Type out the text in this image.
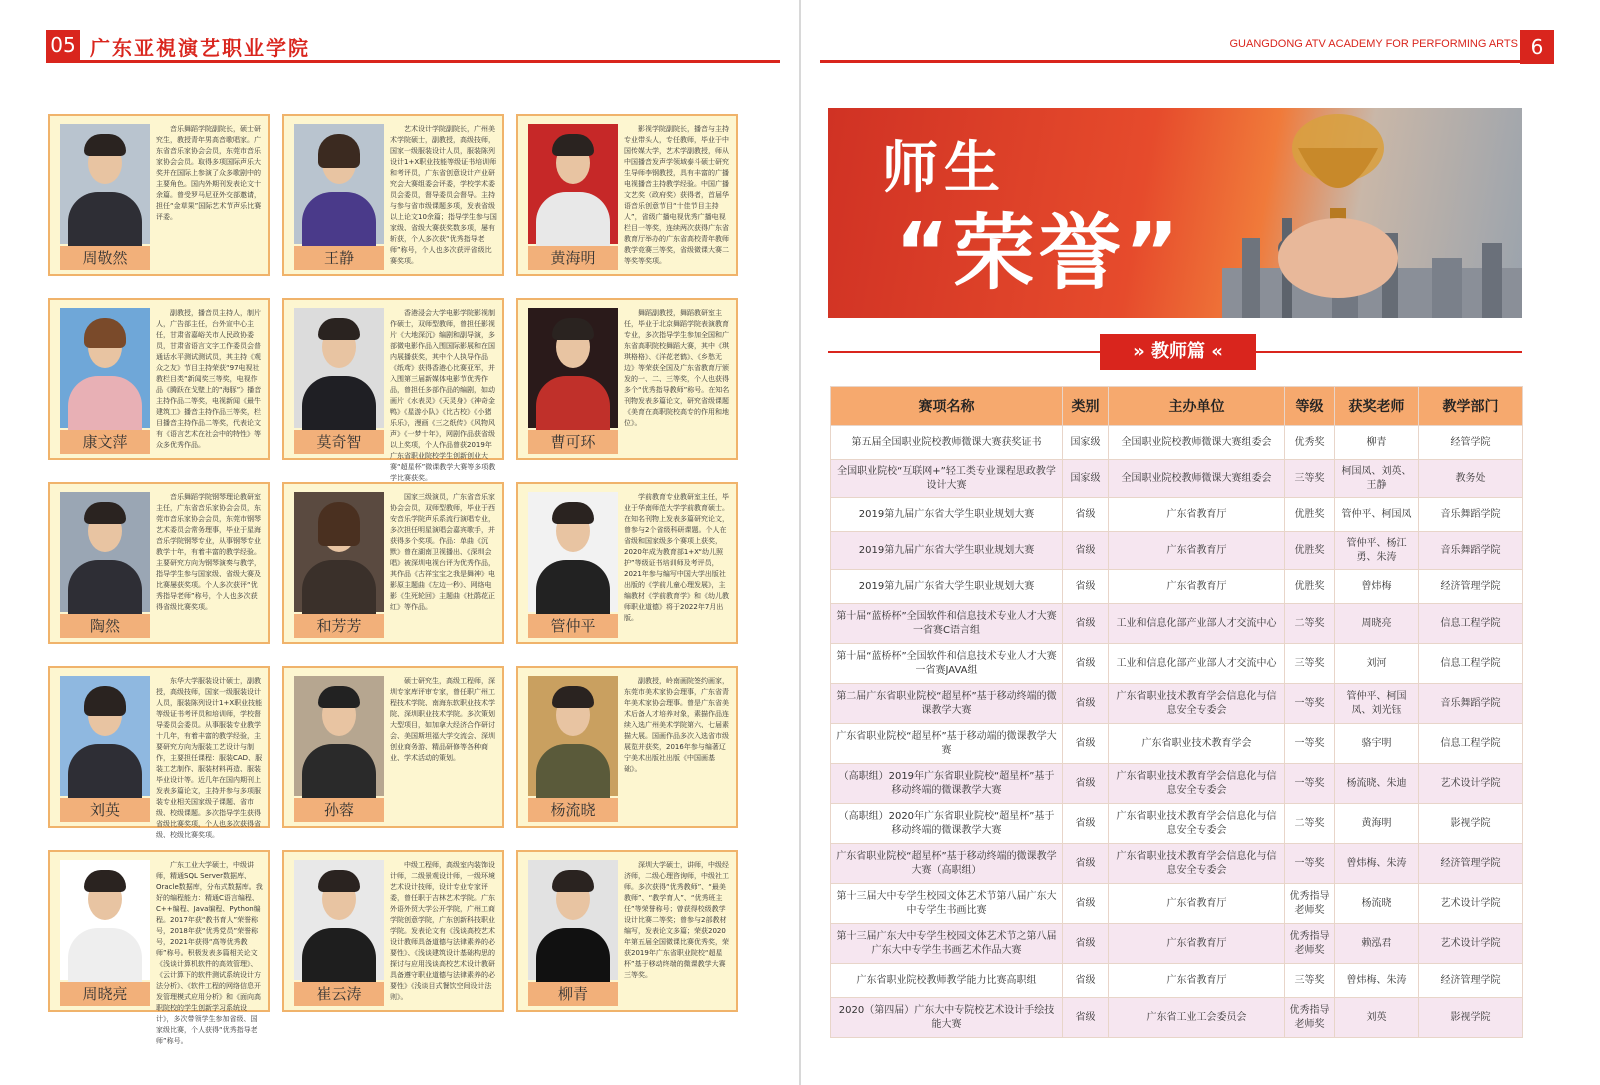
05 广东亚視演艺职业学院	GUANGDONG ATV ACADEMY FOR PERFORMING ARTS 6
周敬然
音乐舞蹈学院副院长，硕士研究生，教授青年男高音歌唱家。广东省音乐家协会会员，东莞市音乐家协会会员。取得多项国际声乐大奖并在国际上参演了众多歌剧中的主要角色。国内外期刊发表论文十余篇。曾受罗马尼亚外交部邀请，担任“金草果”国际艺术节声乐比赛评委。
王静
艺术设计学院副院长，广州美术学院硕士，副教授，高级技师，国家一级服装设计人员，服装陈列设计1+X职业技能等级证书培训师和考评员，广东省创意设计产业研究会大赛组委会评委，学校学术委员会委员，督导委员会督导。主持与参与省市级课题多项，发表省级以上论文10余篇；指导学生参与国家级、省级大赛获奖数多项，屡有斩获，个人多次获“优秀指导老师”称号，个人也多次获评省级比赛奖项。	黄海明
影视学院副院长，播音与主持专业带头人，专任教师，毕业于中国传媒大学，艺术学副教授，师从中国播音发声学领域泰斗硕士研究生导师李钢教授，具有丰富的广播电视播音主持教学经验。中国广播文艺奖（政府奖）获得者，首届华语音乐创意节目“十佳节目主持人”，省级广播电视优秀广播电视栏目一等奖，连续两次获得广东省教育厅举办的广东省高校青年教师教学竞赛三等奖，省级微课大赛二等奖等奖项。
康文萍
副教授，播音员主持人，制片人，广告部主任，台外宣中心主任，甘肃省嘉峪关市人民政协委员，甘肃省语言文字工作委员会普通话水平测试测试员，其主持《观众之友》节目主持荣获“97电视社教栏目类”新闻奖三等奖，电视作品《腾跃在戈壁上的“海豚”》播音主持作品二等奖，电视新闻《最牛建筑工》播音主持作品三等奖，栏目播音主持作品二等奖，代表论文有《语言艺术在社会中的特性》等众多优秀作品。	莫奇智
香港浸会大学电影学院影视制作硕士，双师型教师，曾担任影视片《大地深沉》编剧和副导演，多部微电影作品入围国际影展和在国内展播获奖，其中个人执导作品《纸鸢》获得香港心比赛亚军，并入围第三届新媒体电影节优秀作品，曾担任多部作品的编剧，如动画片《水表灵》《天灵身》《神奇金鸭》《星游小队》《比古校》《小猪乐乐》，漫画《三之纸传》《风物风声》《一梦十年》，网剧作品获省级以上奖项，个人作品曾获2019年广东省职业院校学生创新创业大赛“超星杯”微课教学大赛等多项教学比赛获奖。
曹可环
舞蹈副教授，舞蹈教研室主任，毕业于北京舞蹈学院表演教育专业，多次指导学生参加全国和广东省高职院校舞蹈大赛，其中《琪琪格格》、《洋花老鹤》、《乡愁无边》等荣获全国及广东省教育厅颁发的一、二、三等奖，个人也获得多个“优秀指导教师”称号。在知名刊物发表多篇论文，研究省级课题《美育在高职院校高专的作用和地位》。
陶然
音乐舞蹈学院钢琴理论教研室主任，广东省音乐家协会会员，东莞市音乐家协会会员，东莞市钢琴艺术委员会常务理事，毕业于星海音乐学院钢琴专业，从事钢琴专业教学十年，有着丰富的教学经验。主要研究方向为钢琴演奏与教学，指导学生参与国家级、省级大赛及比赛屡获奖项。个人多次获评“优秀指导老师”称号，个人也多次获得省级比赛奖项。
和芳芳
国家三级演员，广东省音乐家协会会员，双师型教师，毕业于西安音乐学院声乐系流行演唱专业，多次担任明星演唱会嘉宾歌手，并获得多个奖项。作品：单曲《沉默》曾在湖南卫视播出、《深圳会唱》被深圳电视台评为优秀作品，其作品《古祥宝宝之我是舞神》电影原主题曲《左边一秒》、网络电影《生死轮回》主题曲《杜鹃花正红》等作品。
管仲平
学前教育专业教研室主任，毕业于华南师范大学学前教育硕士。在知名刊物上发表多篇研究论文，曾参与2个省级科研课题。个人在省级和国家级多个赛项上获奖，2020年成为教育部1+X“幼儿照护”等级证书培训师及考评员，2021年参与编写中国大学出版社出版的《学前儿童心理发展》，主编教材《学前教育学》和《幼儿教师职业道德》将于2022年7月出版。
刘英
东华大学服装设计硕士，副教授，高级技师，国家一级服装设计人员，服装陈列设计1+X职业技能等级证书考评员和培训师，学校督导委员会委员。从事服装专业教学十几年，有着丰富的教学经验，主要研究方向为服装工艺设计与制作，主要担任课程：服装CAD、服装工艺制作、服装材料再造、服装毕业设计等。近几年在国内期刊上发表多篇论文，主持并参与多项服装专业相关国家级子课题、省市级、校级课题。多次指导学生获得省级比赛奖项，个人也多次获得省级、校级比赛奖项。
孙蓉
硕士研究生，高级工程师，深圳专家库评审专家，曾任职广州工程技术学院、南海东软职业技术学院、深圳职业技术学院。多次策划大型项目，如加拿大经济合作研讨会、美国斯坦福大学交流会、深圳创业商务游、精品研修等各种商业、学术活动的策划。
杨流晓
副教授，岭南画院签约画家，东莞市美术家协会理事，广东省青年美术家协会理事。曾是广东省美术后备人才培养对象，素描作品连续入选广州美术学院第六、七届素描大展。国画作品多次入选省市级展览并获奖，2016年参与编著辽宁美术出版社出版《中国画基础》。
周晓亮
广东工业大学硕士，中级讲师，精通SQL Server数据库、Oracle数据库，分布式数据库。我好的编程能力：精通C语言编程、C++编程、Java编程、Python编程。2017年获“教书育人”荣誉称号，2018年获“优秀党员”荣誉称号，2021年获得“高等优秀教师”称号。积极发表多篇相关论文《浅谈计算机软件的高效管理》、《云计算下的软件测试系统设计方法分析》、《软件工程的网络信息开发管理模式应用分析》和《面向高职院校的学生创新学习系统设计》，多次带领学生参加省级、国家级比赛，个人获得“优秀指导老师”称号。
崔云涛
中级工程师，高级室内装饰设计师，二级景观设计师，一级环境艺术设计技师，设计专业专家评委，曾任职于吉林艺术学院。广东外语外贸大学公开学院，广州工商学院创意学院，广东创新科技职业学院。发表论文有《浅谈高校艺术设计教师具备道德与法律素养的必要性》、《浅谈建筑设计基础构思的探讨与应用浅谈高校艺术设计教研具备遵守职业道德与法律素养的必要性》《浅谈目式餐饮空间设计法则》。	柳青
深圳大学硕士，讲师，中级经济师，二级心理咨询师，中级社工师。多次获得“优秀教师”、“最美教师”、“教学育人”、“优秀班主任”等荣誉称号；曾获得校级教学设计比赛二等奖；曾参与2部教材编写，发表论文多篇；荣获2020年第五届全国微课比赛优秀奖，荣获2019年广东省职业院校“超星杯”基于移动终端的微课教学大赛三等奖。
师生
“荣誉”
» 教师篇 «
赛项名称	类别	主办单位	等级	获奖老师	教学部门
第五届全国职业院校教师微课大赛获奖证书	国家级	全国职业院校教师微课大赛组委会	优秀奖	柳青	经管学院
全国职业院校“互联网+”轻工类专业课程思政教学设计大赛	国家级	全国职业院校教师微课大赛组委会	三等奖	柯国凤、刘英、王静	教务处
2019第九届广东省大学生职业规划大赛	省级	广东省教育厅	优胜奖	管仲平、柯国凤	音乐舞蹈学院
2019第九届广东省大学生职业规划大赛	省级	广东省教育厅	优胜奖	管仲平、杨江勇、朱涛	音乐舞蹈学院
2019第九届广东省大学生职业规划大赛	省级	广东省教育厅	优胜奖	曾炜梅	经济管理学院
第十届“蓝桥杯”全国软件和信息技术专业人才大赛一省赛C语言组	省级	工业和信息化部产业部人才交流中心	二等奖	周晓亮	信息工程学院
第十届“蓝桥杯”全国软件和信息技术专业人才大赛一省赛JAVA组	省级	工业和信息化部产业部人才交流中心	三等奖	刘河	信息工程学院
第二届广东省职业院校“超星杯”基于移动终端的微课教学大赛	省级	广东省职业技术教育学会信息化与信息安全专委会	一等奖	管仲平、柯国凤、刘光钰	音乐舞蹈学院
广东省职业院校“超星杯”基于移动端的微课教学大赛	省级	广东省职业技术教育学会	一等奖	骆宇明	信息工程学院
（高职组）2019年广东省职业院校“超星杯”基于移动终端的微课教学大赛	省级	广东省职业技术教育学会信息化与信息安全专委会	一等奖	杨流晓、朱迪	艺术设计学院
（高职组）2020年广东省职业院校“超星杯”基于移动终端的微课教学大赛	省级	广东省职业技术教育学会信息化与信息安全专委会	二等奖	黄海明	影视学院
广东省职业院校“超星杯”基于移动终端的微课教学大赛（高职组）	省级	广东省职业技术教育学会信息化与信息安全专委会	一等奖	曾炜梅、朱涛	经济管理学院
第十三届大中专学生校园文体艺术节第八届广东大中专学生书画比赛	省级	广东省教育厅	优秀指导老师奖	杨流晓	艺术设计学院
第十三届广东大中专学生校园文体艺术节之第八届广东大中专学生书画艺术作品大赛	省级	广东省教育厅	优秀指导老师奖	赖泓君	艺术设计学院
广东省职业院校教师教学能力比赛高职组	省级	广东省教育厅	三等奖	曾炜梅、朱涛	经济管理学院
2020（第四届）广东大中专院校艺术设计手绘技能大赛	省级	广东省工业工会委员会	优秀指导老师奖	刘英	影视学院
